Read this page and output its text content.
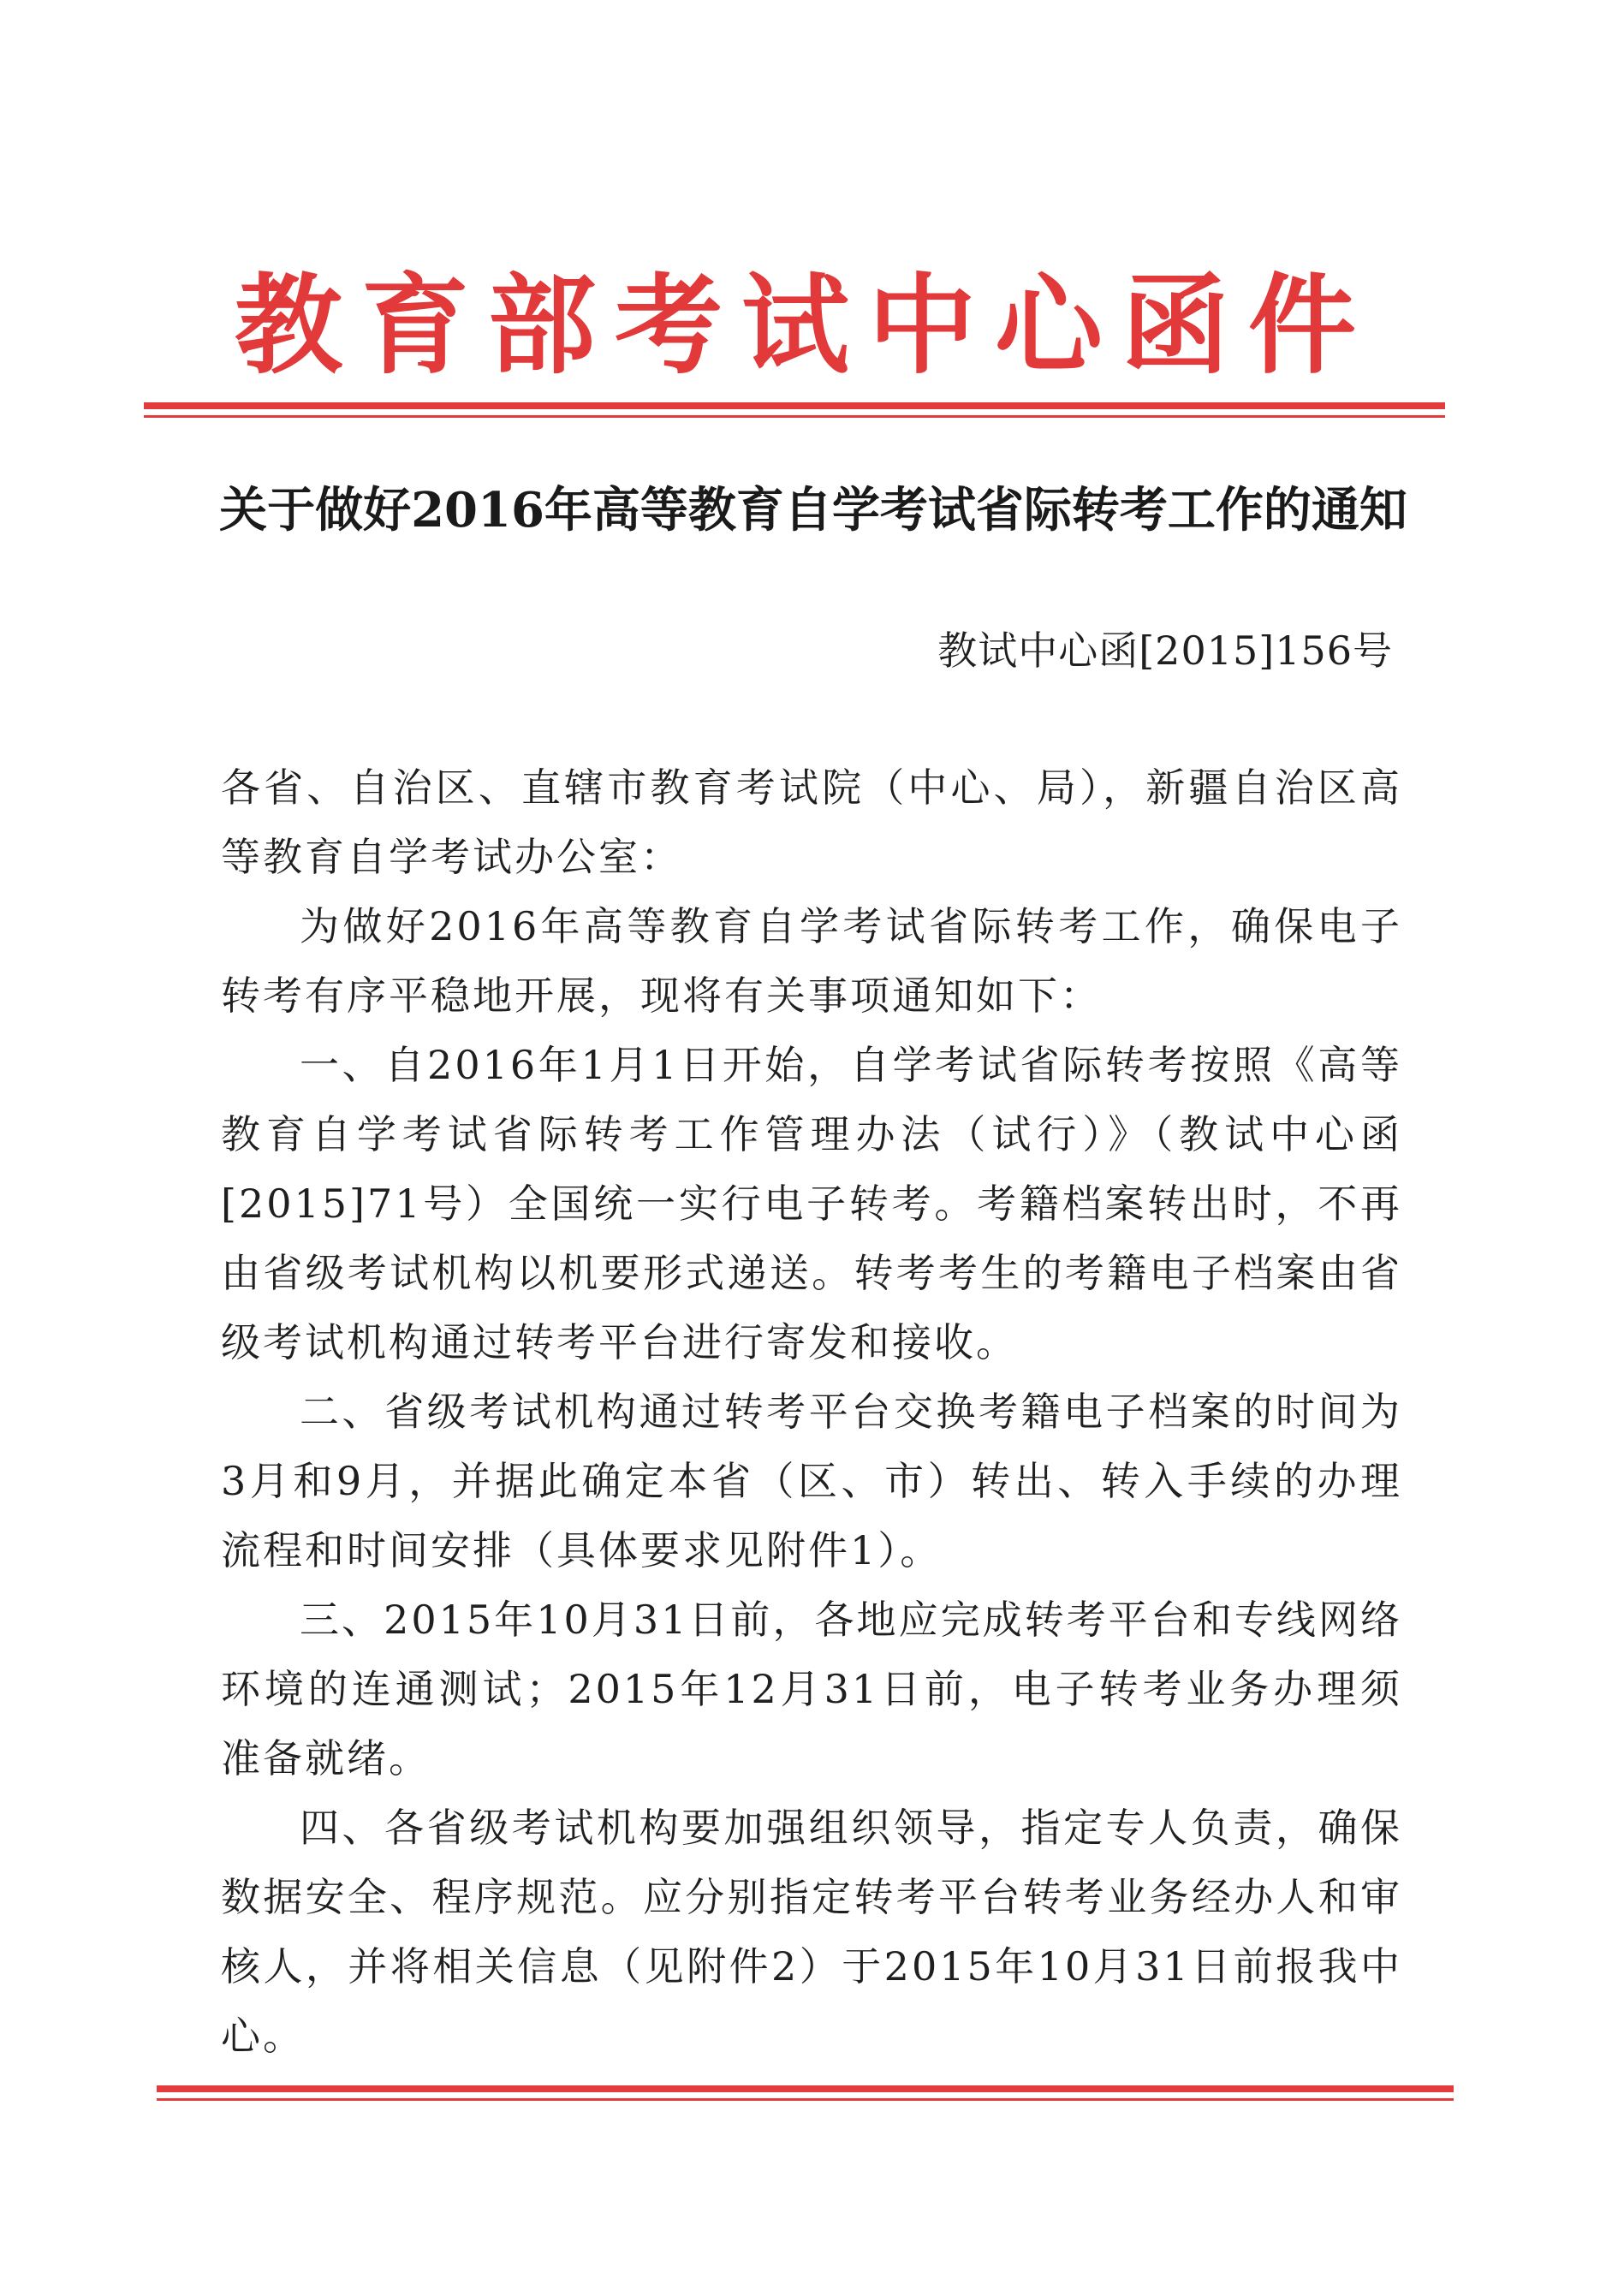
教育部考试中心函件
关于做好2016年高等教育自学考试省际转考工作的通知
教试中心函[2015]156号

各省、自治区、直辖市教育考试院（中心、局），新疆自治区高等教育自学考试办公室：

为做好2016年高等教育自学考试省际转考工作，确保电子转考有序平稳地开展，现将有关事项通知如下：

一、自2016年1月1日开始，自学考试省际转考按照《高等教育自学考试省际转考工作管理办法（试行）》（教试中心函[2015]71号）全国统一实行电子转考。考籍档案转出时，不再由省级考试机构以机要形式递送。转考考生的考籍电子档案由省级考试机构通过转考平台进行寄发和接收。

二、省级考试机构通过转考平台交换考籍电子档案的时间为3月和9月，并据此确定本省（区、市）转出、转入手续的办理流程和时间安排（具体要求见附件1）。

三、2015年10月31日前，各地应完成转考平台和专线网络环境的连通测试；2015年12月31日前，电子转考业务办理须准备就绪。

四、各省级考试机构要加强组织领导，指定专人负责，确保数据安全、程序规范。应分别指定转考平台转考业务经办人和审核人，并将相关信息（见附件2）于2015年10月31日前报我中心。
